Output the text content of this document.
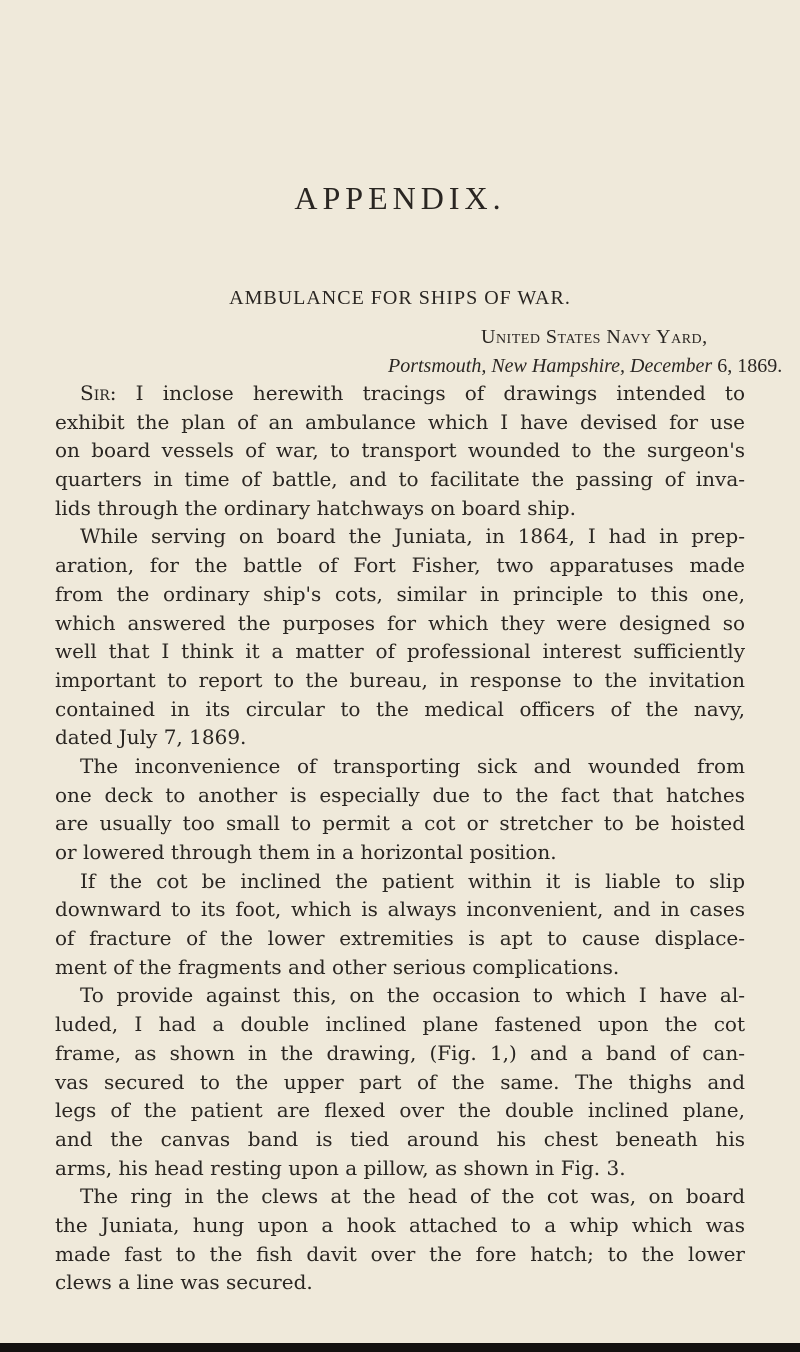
APPENDIX.
AMBULANCE FOR SHIPS OF WAR.
United States Navy Yard,
Portsmouth, New Hampshire, December 6, 1869.
Sir: I inclose herewith tracings of drawings intended to
exhibit the plan of an ambulance which I have devised for use
on board vessels of war, to transport wounded to the surgeon's
quarters in time of battle, and to facilitate the passing of inva-
lids through the ordinary hatchways on board ship.
While serving on board the Juniata, in 1864, I had in prep-
aration, for the battle of Fort Fisher, two apparatuses made
from the ordinary ship's cots, similar in principle to this one,
which answered the purposes for which they were designed so
well that I think it a matter of professional interest sufficiently
important to report to the bureau, in response to the invitation
contained in its circular to the medical officers of the navy,
dated July 7, 1869.
The inconvenience of transporting sick and wounded from
one deck to another is especially due to the fact that hatches
are usually too small to permit a cot or stretcher to be hoisted
or lowered through them in a horizontal position.
If the cot be inclined the patient within it is liable to slip
downward to its foot, which is always inconvenient, and in cases
of fracture of the lower extremities is apt to cause displace-
ment of the fragments and other serious complications.
To provide against this, on the occasion to which I have al-
luded, I had a double inclined plane fastened upon the cot
frame, as shown in the drawing, (Fig. 1,) and a band of can-
vas secured to the upper part of the same. The thighs and
legs of the patient are flexed over the double inclined plane,
and the canvas band is tied around his chest beneath his
arms, his head resting upon a pillow, as shown in Fig. 3.
The ring in the clews at the head of the cot was, on board
the Juniata, hung upon a hook attached to a whip which was
made fast to the fish davit over the fore hatch; to the lower
clews a line was secured.
